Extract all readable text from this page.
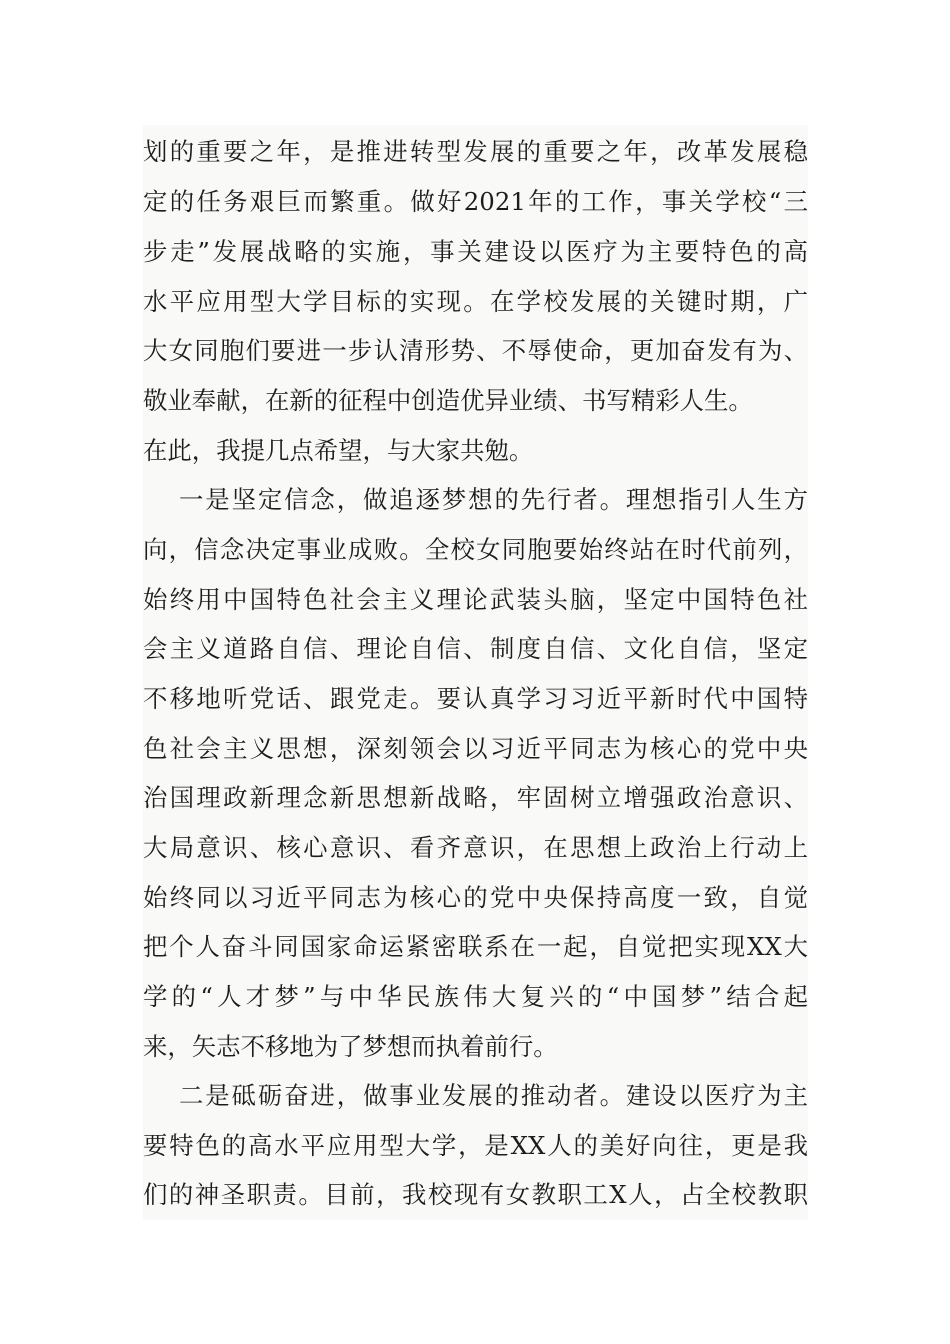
划的重要之年，是推进转型发展的重要之年，改革发展稳
定的任务艰巨而繁重。做好2021年的工作，事关学校“三
步走”发展战略的实施，事关建设以医疗为主要特色的高
水平应用型大学目标的实现。在学校发展的关键时期，广
大女同胞们要进一步认清形势、不辱使命，更加奋发有为、
敬业奉献，在新的征程中创造优异业绩、书写精彩人生。
在此，我提几点希望，与大家共勉。
一是坚定信念，做追逐梦想的先行者。理想指引人生方
向，信念决定事业成败。全校女同胞要始终站在时代前列，
始终用中国特色社会主义理论武装头脑，坚定中国特色社
会主义道路自信、理论自信、制度自信、文化自信，坚定
不移地听党话、跟党走。要认真学习习近平新时代中国特
色社会主义思想，深刻领会以习近平同志为核心的党中央
治国理政新理念新思想新战略，牢固树立增强政治意识、
大局意识、核心意识、看齐意识，在思想上政治上行动上
始终同以习近平同志为核心的党中央保持高度一致，自觉
把个人奋斗同国家命运紧密联系在一起，自觉把实现XX大
学的“人才梦”与中华民族伟大复兴的“中国梦”结合起
来，矢志不移地为了梦想而执着前行。
二是砥砺奋进，做事业发展的推动者。建设以医疗为主
要特色的高水平应用型大学，是XX人的美好向往，更是我
们的神圣职责。目前，我校现有女教职工X人，占全校教职
